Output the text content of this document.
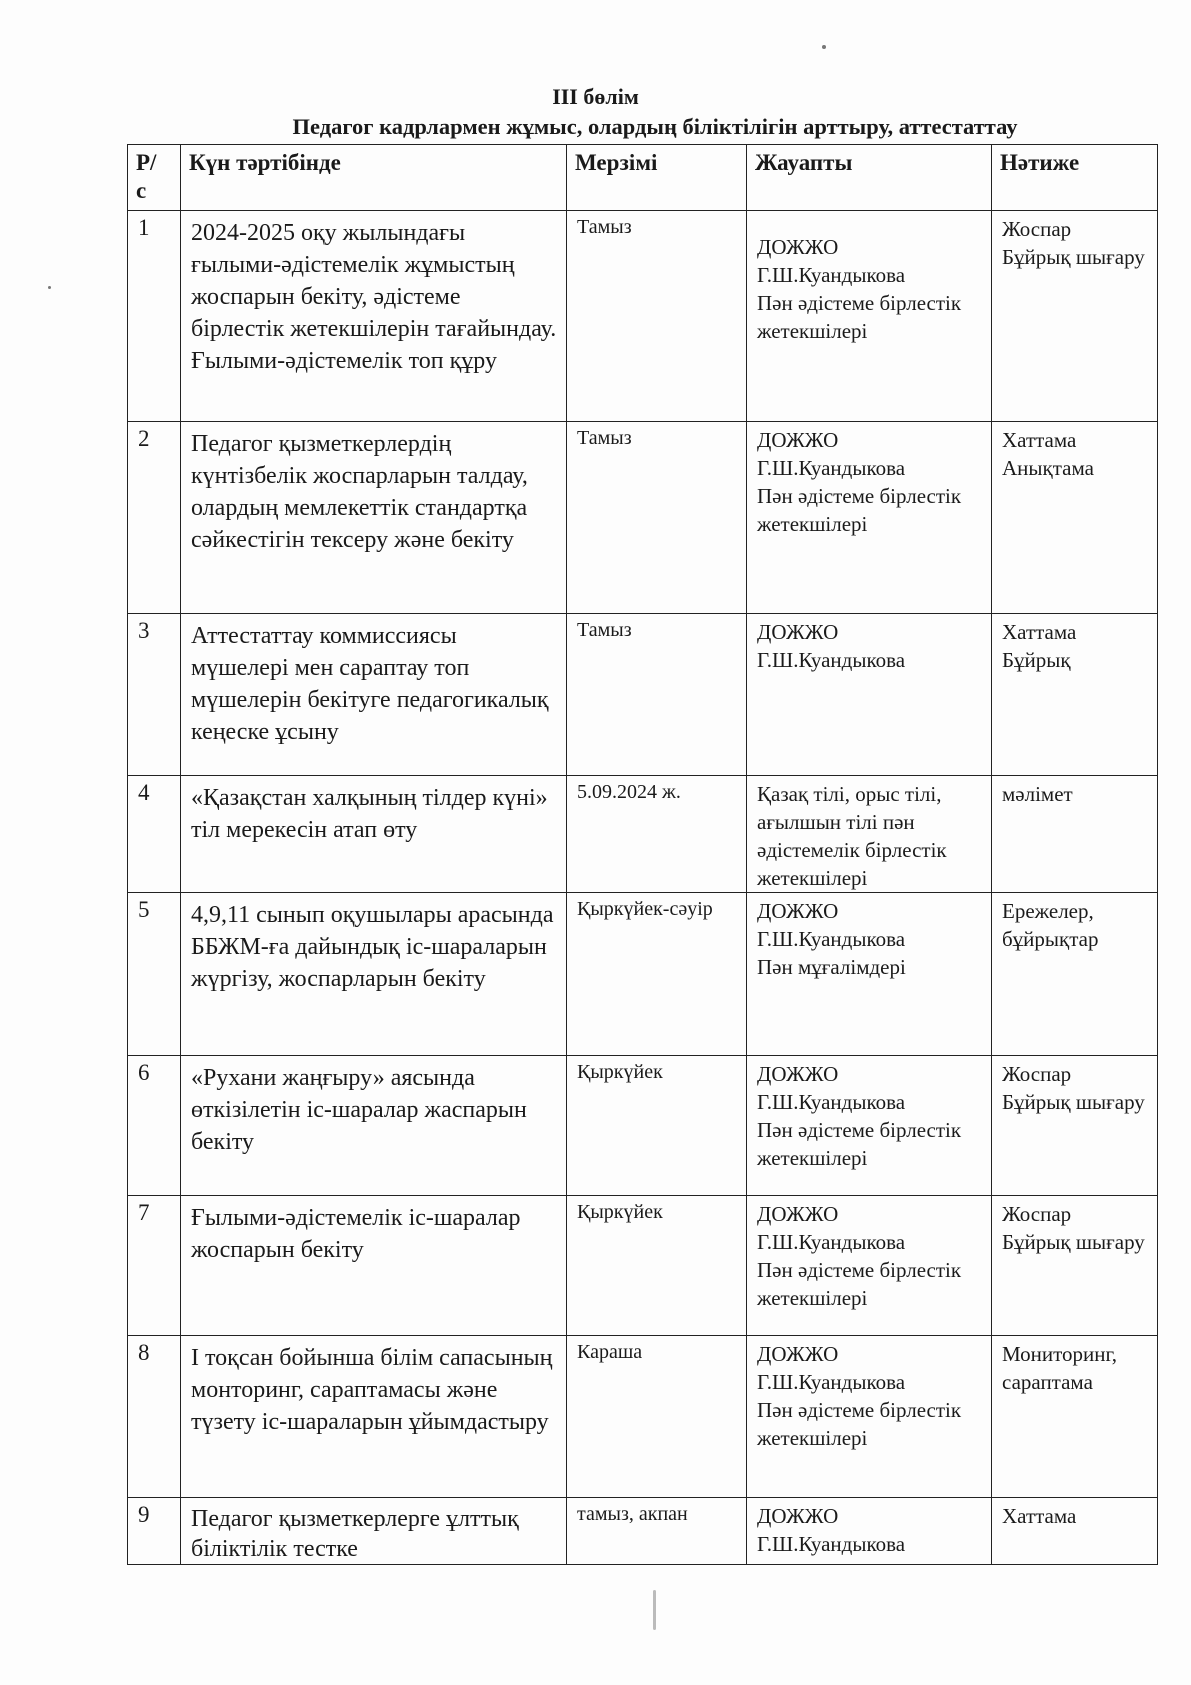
III бөлім
Педагог кадрлармен жұмыс, олардың біліктілігін арттыру, аттестаттау
Р/ с	Күн тәртібінде	Мерзімі	Жауапты	Нәтиже
1	2024-2025 оқу жылындағы ғылыми-әдістемелік жұмыстың жоспарын бекіту, әдістеме бірлестік жетекшілерін тағайындау. Ғылыми-әдістемелік топ құру	Тамыз	ДОЖЖО
Г.Ш.Куандыкова
Пән әдістеме бірлестік жетекшілері	Жоспар
Бұйрық шығару

2	Педагог қызметкерлердің күнтізбелік жоспарларын талдау, олардың мемлекеттік стандартқа сәйкестігін тексеру және бекіту	Тамыз	ДОЖЖО
Г.Ш.Куандыкова
Пән әдістеме бірлестік жетекшілері	Хаттама
Анықтама

3	Аттестаттау коммиссиясы мүшелері мен сараптау топ мүшелерін бекітуге педагогикалық кеңеске ұсыну	Тамыз	ДОЖЖО
Г.Ш.Куандыкова	Хаттама
Бұйрық

4	«Қазақстан халқының тілдер күні» тіл мерекесін атап өту	5.09.2024 ж.	Қазақ тілі, орыс тілі, ағылшын тілі пән әдістемелік бірлестік жетекшілері	мәлімет
5	4,9,11 сынып оқушылары арасында ББЖМ-ға дайындық іс-шараларын жүргізу, жоспарларын бекіту	Қыркүйек-сәуір	ДОЖЖО
Г.Ш.Куандыкова
Пән мұғалімдері	Ережелер, бұйрықтар
6	«Рухани жаңғыру» аясында өткізілетін іс-шаралар жаспарын бекіту	Қыркүйек	ДОЖЖО
Г.Ш.Куандыкова
Пән әдістеме бірлестік жетекшілері	Жоспар
Бұйрық шығару

7	Ғылыми-әдістемелік іс-шаралар жоспарын бекіту	Қыркүйек	ДОЖЖО
Г.Ш.Куандыкова
Пән әдістеме бірлестік жетекшілері	Жоспар
Бұйрық шығару

8	І тоқсан бойынша білім сапасының монторинг, сараптамасы және түзету іс-шараларын ұйымдастыру	Караша	ДОЖЖО
Г.Ш.Куандыкова
Пән әдістеме бірлестік жетекшілері	Мониторинг, сараптама
9	Педагог қызметкерлерге ұлттық біліктілік тестке	тамыз, акпан	ДОЖЖО
Г.Ш.Куандыкова	Хаттама
